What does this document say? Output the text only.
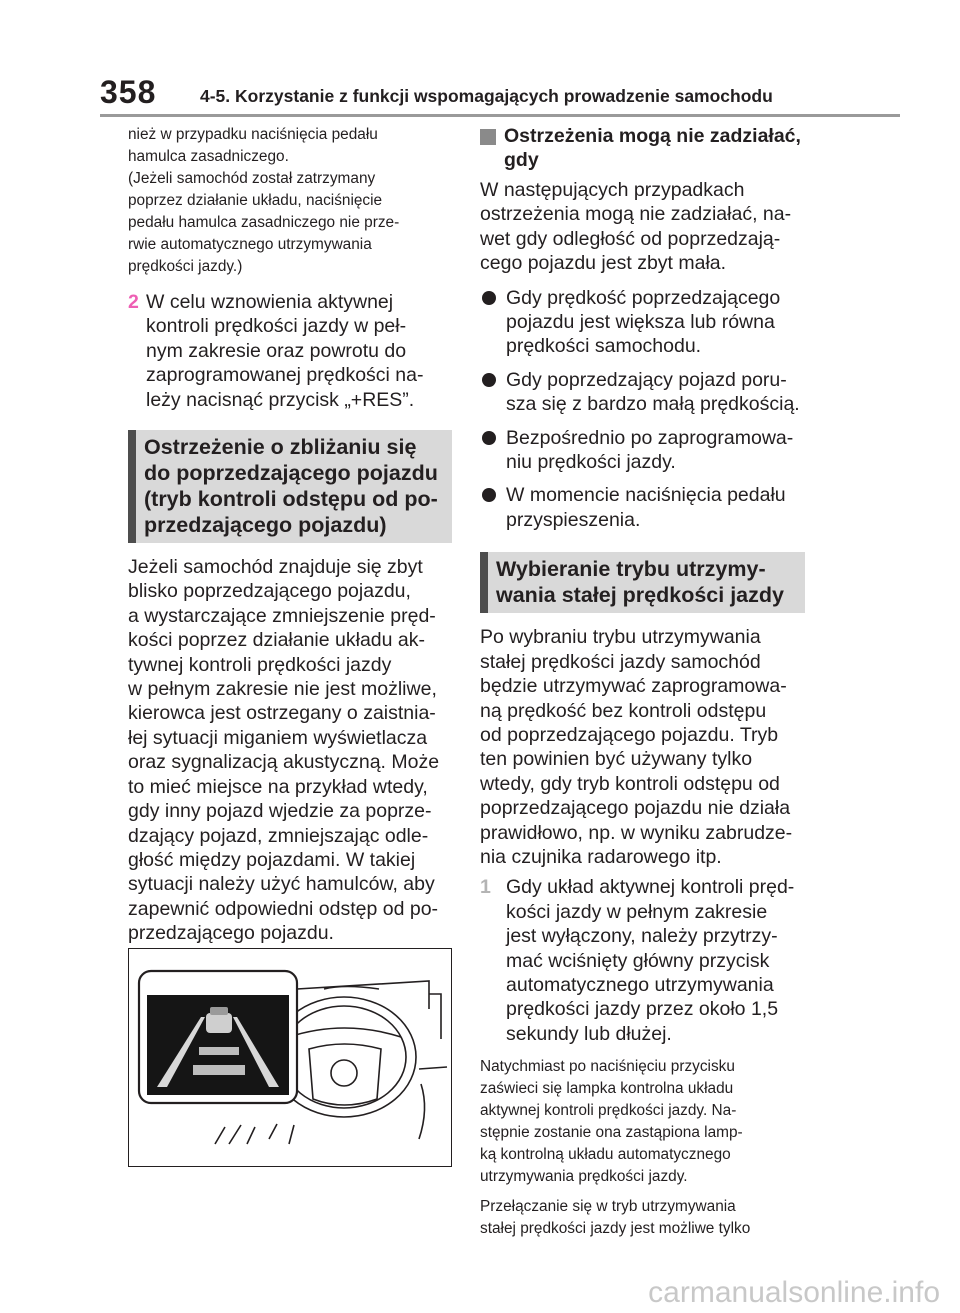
358 4-5. Korzystanie z funkcji wspomagających prowadzenie samochodu

nież w przypadku naciśnięcia pedału

hamulca zasadniczego.

(Jeżeli samochód został zatrzymany

poprzez działanie układu, naciśnięcie

pedału hamulca zasadniczego nie prze-

rwie automatycznego utrzymywania

prędkości jazdy.)

2 W celu wznowienia aktywnej

kontroli prędkości jazdy w peł-

nym zakresie oraz powrotu do

zaprogramowanej prędkości na-

leży nacisnąć przycisk „+RES”.

Ostrzeżenie o zbliżaniu się
do poprzedzającego pojazdu
(tryb kontroli odstępu od po-
przedzającego pojazdu)

Jeżeli samochód znajduje się zbyt

blisko poprzedzającego pojazdu,

a wystarczające zmniejszenie pręd-

kości poprzez działanie układu ak-

tywnej kontroli prędkości jazdy

w pełnym zakresie nie jest możliwe,

kierowca jest ostrzegany o zaistnia-

łej sytuacji miganiem wyświetlacza

oraz sygnalizacją akustyczną. Może

to mieć miejsce na przykład wtedy,

gdy inny pojazd wjedzie za poprze-

dzający pojazd, zmniejszając odle-

głość między pojazdami. W takiej

sytuacji należy użyć hamulców, aby

zapewnić odpowiedni odstęp od po-

przedzającego pojazdu.

Ostrzeżenia mogą nie zadziałać,
gdy

W następujących przypadkach

ostrzeżenia mogą nie zadziałać, na-

wet gdy odległość od poprzedzają-

cego pojazdu jest zbyt mała.

Gdy prędkość poprzedzającego

pojazdu jest większa lub równa

prędkości samochodu.

Gdy poprzedzający pojazd poru-

sza się z bardzo małą prędkością.

Bezpośrednio po zaprogramowa-

niu prędkości jazdy.

W momencie naciśnięcia pedału

przyspieszenia.

Wybieranie trybu utrzymy-
wania stałej prędkości jazdy

Po wybraniu trybu utrzymywania

stałej prędkości jazdy samochód

będzie utrzymywać zaprogramowa-

ną prędkość bez kontroli odstępu

od poprzedzającego pojazdu. Tryb

ten powinien być używany tylko

wtedy, gdy tryb kontroli odstępu od

poprzedzającego pojazdu nie działa

prawidłowo, np. w wyniku zabrudze-

nia czujnika radarowego itp.

1 Gdy układ aktywnej kontroli pręd-

kości jazdy w pełnym zakresie

jest wyłączony, należy przytrzy-

mać wciśnięty główny przycisk

automatycznego utrzymywania

prędkości jazdy przez około 1,5

sekundy lub dłużej.

Natychmiast po naciśnięciu przycisku

zaświeci się lampka kontrolna układu

aktywnej kontroli prędkości jazdy. Na-

stępnie zostanie ona zastąpiona lamp-

ką kontrolną układu automatycznego

utrzymywania prędkości jazdy.

Przełączanie się w tryb utrzymywania

stałej prędkości jazdy jest możliwe tylko

carmanualsonline.info
